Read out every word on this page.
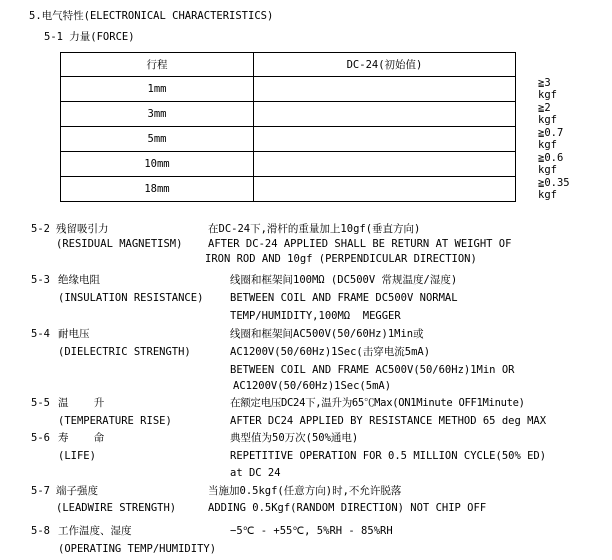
5.电气特性(ELECTRONICAL CHARACTERISTICS)
5-1 力量(FORCE)
行程	DC-24(初始值)
1mm	≧3 kgf
3mm	≧2 kgf
5mm	≧0.7 kgf
10mm	≧0.6 kgf
18mm	≧0.35 kgf
5-2 残留吸引力	在DC-24下,滑杆的重量加上10gf(垂直方向)
(RESIDUAL MAGNETISM) AFTER DC-24 APPLIED SHALL BE RETURN AT WEIGHT OF
IRON ROD AND 10gf (PERPENDICULAR DIRECTION)
5-3 绝缘电阻	线圈和框架间100MΩ (DC500V 常规温度/湿度)
(INSULATION RESISTANCE)	BETWEEN COIL AND FRAME DC500V NORMAL
TEMP/HUMIDITY,100MΩ  MEGGER
5-4 耐电压	线圈和框架间AC500V(50/60Hz)1Min或
(DIELECTRIC STRENGTH)	AC1200V(50/60Hz)1Sec(击穿电流5mA)
BETWEEN COIL AND FRAME AC500V(50/60Hz)1Min OR
AC1200V(50/60Hz)1Sec(5mA)
5-5 温    升	在额定电压DC24下,温升为65℃Max(ON1Minute OFF1Minute)
(TEMPERATURE RISE)	AFTER DC24 APPLIED BY RESISTANCE METHOD 65 deg MAX
5-6 寿    命	典型值为50万次(50%通电)
(LIFE)	REPETITIVE OPERATION FOR 0.5 MILLION CYCLE(50% ED)
at DC 24
5-7 端子强度	当施加0.5kgf(任意方向)时,不允许脱落
(LEADWIRE STRENGTH)	ADDING 0.5Kgf(RANDOM DIRECTION) NOT CHIP OFF
5-8 工作温度、湿度	−5℃ - +55℃, 5%RH - 85%RH
(OPERATING TEMP/HUMIDITY)
